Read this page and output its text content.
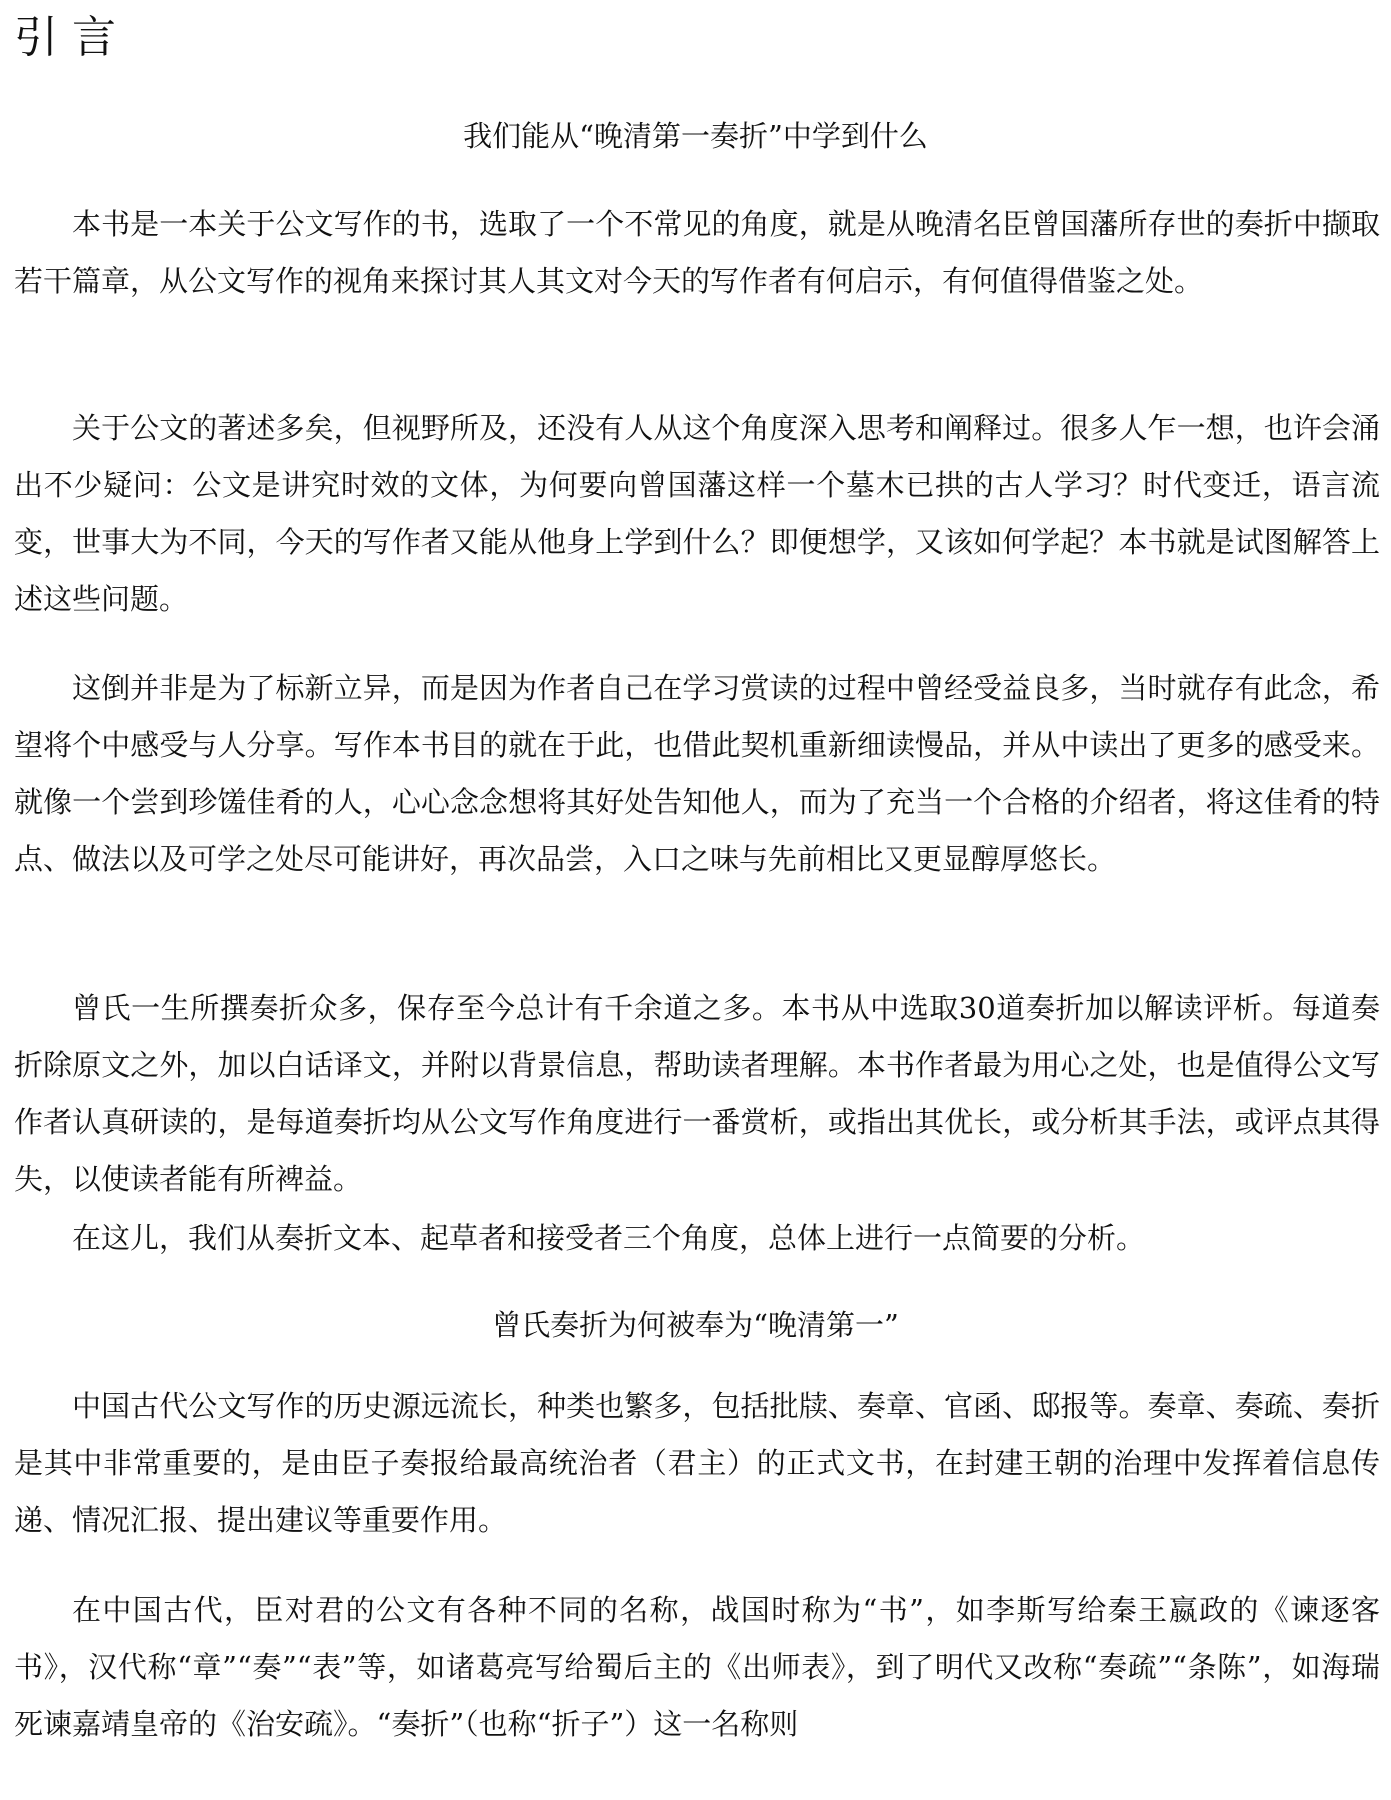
引言
我们能从“晚清第一奏折”中学到什么

本书是一本关于公文写作的书，选取了一个不常见的角度，就是从晚清名臣曾国藩所存世的奏折中撷取若干篇章，从公文写作的视角来探讨其人其文对今天的写作者有何启示，有何值得借鉴之处。

关于公文的著述多矣，但视野所及，还没有人从这个角度深入思考和阐释过。很多人乍一想，也许会涌出不少疑问：公文是讲究时效的文体，为何要向曾国藩这样一个墓木已拱的古人学习？时代变迁，语言流变，世事大为不同，今天的写作者又能从他身上学到什么？即便想学，又该如何学起？本书就是试图解答上述这些问题。

这倒并非是为了标新立异，而是因为作者自己在学习赏读的过程中曾经受益良多，当时就存有此念，希望将个中感受与人分享。写作本书目的就在于此，也借此契机重新细读慢品，并从中读出了更多的感受来。就像一个尝到珍馐佳肴的人，心心念念想将其好处告知他人，而为了充当一个合格的介绍者，将这佳肴的特点、做法以及可学之处尽可能讲好，再次品尝，入口之味与先前相比又更显醇厚悠长。

曾氏一生所撰奏折众多，保存至今总计有千余道之多。本书从中选取30道奏折加以解读评析。每道奏折除原文之外，加以白话译文，并附以背景信息，帮助读者理解。本书作者最为用心之处，也是值得公文写作者认真研读的，是每道奏折均从公文写作角度进行一番赏析，或指出其优长，或分析其手法，或评点其得失，以使读者能有所裨益。

在这儿，我们从奏折文本、起草者和接受者三个角度，总体上进行一点简要的分析。

曾氏奏折为何被奉为“晚清第一”

中国古代公文写作的历史源远流长，种类也繁多，包括批牍、奏章、官函、邸报等。奏章、奏疏、奏折是其中非常重要的，是由臣子奏报给最高统治者（君主）的正式文书，在封建王朝的治理中发挥着信息传递、情况汇报、提出建议等重要作用。

在中国古代，臣对君的公文有各种不同的名称，战国时称为“书”，如李斯写给秦王嬴政的《谏逐客书》，汉代称“章”“奏”“表”等，如诸葛亮写给蜀后主的《出师表》，到了明代又改称“奏疏”“条陈”，如海瑞死谏嘉靖皇帝的《治安疏》。“奏折”（也称“折子”）这一名称则
